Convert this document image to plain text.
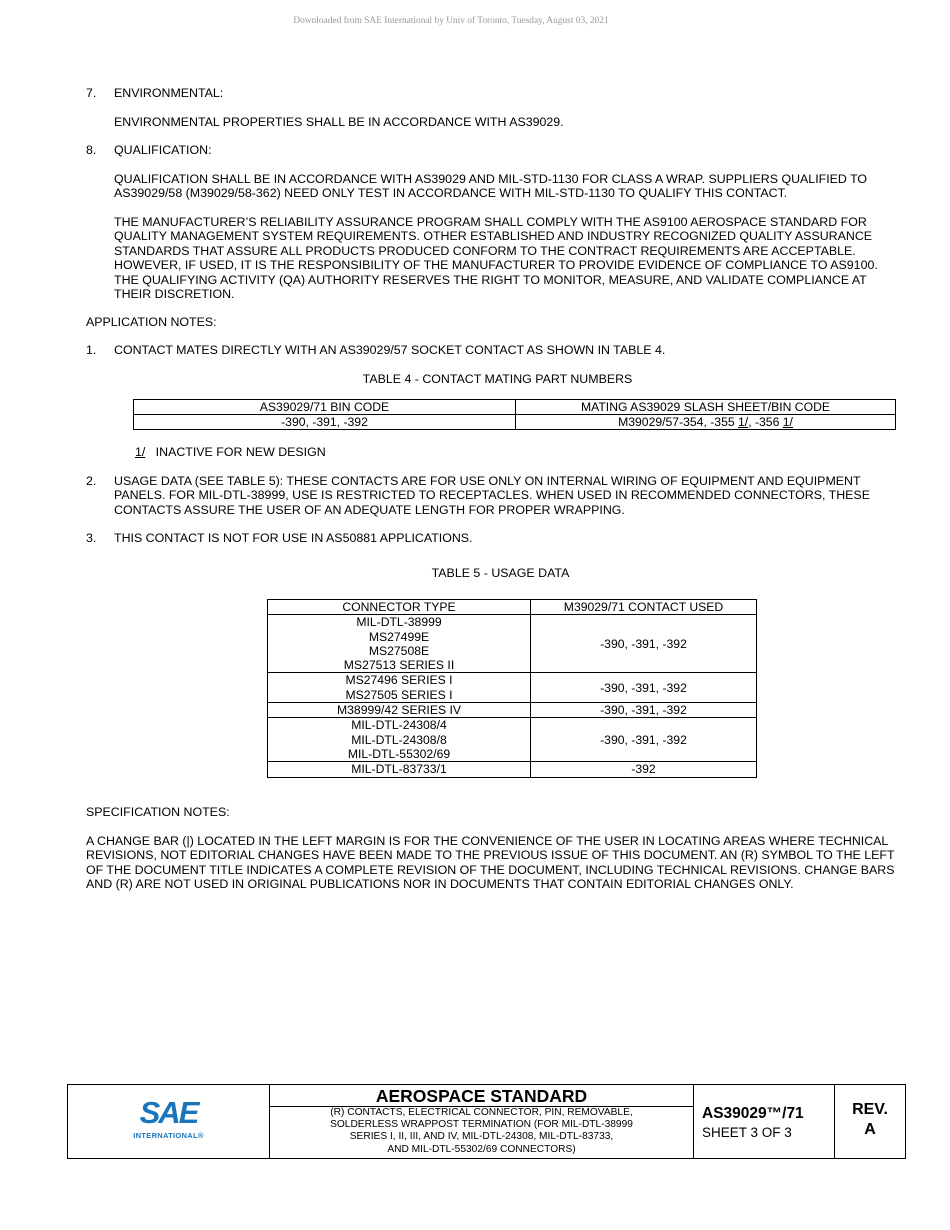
Downloaded from SAE International by Univ of Toronto, Tuesday, August 03, 2021
7. ENVIRONMENTAL:
ENVIRONMENTAL PROPERTIES SHALL BE IN ACCORDANCE WITH AS39029.
8. QUALIFICATION:
QUALIFICATION SHALL BE IN ACCORDANCE WITH AS39029 AND MIL-STD-1130 FOR CLASS A WRAP. SUPPLIERS QUALIFIED TO AS39029/58 (M39029/58-362) NEED ONLY TEST IN ACCORDANCE WITH MIL-STD-1130 TO QUALIFY THIS CONTACT.
THE MANUFACTURER’S RELIABILITY ASSURANCE PROGRAM SHALL COMPLY WITH THE AS9100 AEROSPACE STANDARD FOR QUALITY MANAGEMENT SYSTEM REQUIREMENTS. OTHER ESTABLISHED AND INDUSTRY RECOGNIZED QUALITY ASSURANCE STANDARDS THAT ASSURE ALL PRODUCTS PRODUCED CONFORM TO THE CONTRACT REQUIREMENTS ARE ACCEPTABLE. HOWEVER, IF USED, IT IS THE RESPONSIBILITY OF THE MANUFACTURER TO PROVIDE EVIDENCE OF COMPLIANCE TO AS9100. THE QUALIFYING ACTIVITY (QA) AUTHORITY RESERVES THE RIGHT TO MONITOR, MEASURE, AND VALIDATE COMPLIANCE AT THEIR DISCRETION.
APPLICATION NOTES:
1. CONTACT MATES DIRECTLY WITH AN AS39029/57 SOCKET CONTACT AS SHOWN IN TABLE 4.
TABLE 4 - CONTACT MATING PART NUMBERS
AS39029/71 BIN CODE	MATING AS39029 SLASH SHEET/BIN CODE
-390, -391, -392	M39029/57-354, -355 1/, -356 1/
1/ INACTIVE FOR NEW DESIGN
2. USAGE DATA (SEE TABLE 5): THESE CONTACTS ARE FOR USE ONLY ON INTERNAL WIRING OF EQUIPMENT AND EQUIPMENT PANELS. FOR MIL-DTL-38999, USE IS RESTRICTED TO RECEPTACLES. WHEN USED IN RECOMMENDED CONNECTORS, THESE CONTACTS ASSURE THE USER OF AN ADEQUATE LENGTH FOR PROPER WRAPPING.
3. THIS CONTACT IS NOT FOR USE IN AS50881 APPLICATIONS.
TABLE 5 - USAGE DATA
CONNECTOR TYPE	M39029/71 CONTACT USED

MIL-DTL-38999
MS27499E
MS27508E
MS27513 SERIES II	-390, -391, -392

MS27496 SERIES I
MS27505 SERIES I	-390, -391, -392

M38999/42 SERIES IV	-390, -391, -392

MIL-DTL-24308/4
MIL-DTL-24308/8
MIL-DTL-55302/69	-390, -391, -392

MIL-DTL-83733/1	-392
SPECIFICATION NOTES:
A CHANGE BAR (|) LOCATED IN THE LEFT MARGIN IS FOR THE CONVENIENCE OF THE USER IN LOCATING AREAS WHERE TECHNICAL REVISIONS, NOT EDITORIAL CHANGES HAVE BEEN MADE TO THE PREVIOUS ISSUE OF THIS DOCUMENT. AN (R) SYMBOL TO THE LEFT OF THE DOCUMENT TITLE INDICATES A COMPLETE REVISION OF THE DOCUMENT, INCLUDING TECHNICAL REVISIONS. CHANGE BARS AND (R) ARE NOT USED IN ORIGINAL PUBLICATIONS NOR IN DOCUMENTS THAT CONTAIN EDITORIAL CHANGES ONLY.
SAE
INTERNATIONAL®
AEROSPACE STANDARD
(R) CONTACTS, ELECTRICAL CONNECTOR, PIN, REMOVABLE,
SOLDERLESS WRAPPOST TERMINATION (FOR MIL-DTL-38999
SERIES I, II, III, AND IV, MIL-DTL-24308, MIL-DTL-83733,
AND MIL-DTL-55302/69 CONNECTORS)
AS39029™/71
SHEET 3 OF 3
REV.
A
